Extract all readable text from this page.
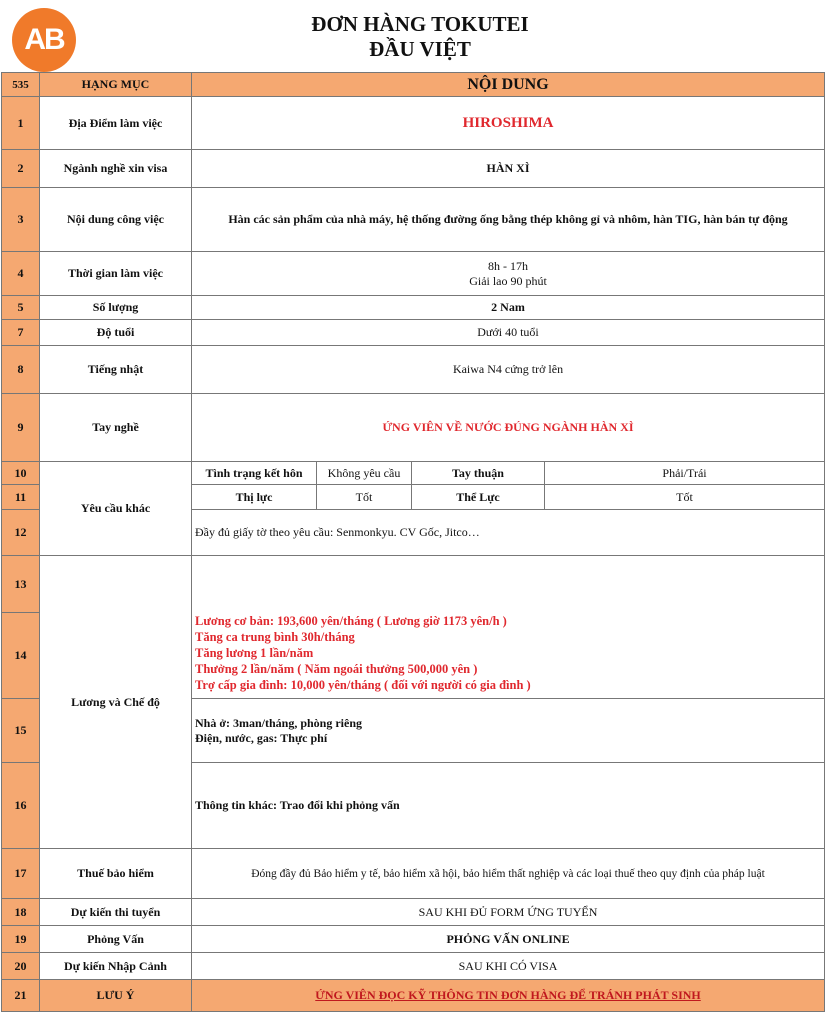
AB	ĐƠN HÀNG TOKUTEI
ĐẦU VIỆT
535	HẠNG MỤC	NỘI DUNG			
1	Địa Điểm làm việc	HIROSHIMA			
2	Ngành nghề xin visa	HÀN XÌ			
3	Nội dung công việc	Hàn các sản phẩm của nhà máy, hệ thống đường ống bằng thép không gỉ và nhôm, hàn TIG, hàn bán tự động			
4	Thời gian làm việc	8h - 17h
Giải lao 90 phút			

5	Số lượng	2 Nam			
7	Độ tuổi	Dưới 40 tuổi			
8	Tiếng nhật	Kaiwa N4 cứng trở lên			
9	Tay nghề	ỨNG VIÊN VỀ NƯỚC ĐÚNG NGÀNH HÀN XÌ			
10	Yêu cầu khác	Tình trạng kết hôn	Không yêu cầu	Tay thuận	Phải/Trái
11		Thị lực	Tốt	Thể Lực	Tốt
12		Đầy đủ giấy tờ theo yêu cầu: Senmonkyu. CV Gốc, Jitco…			
13	Lương và Chế độ				
14		Lương cơ bản: 193,600 yên/tháng ( Lương giờ 1173 yên/h )
Tăng ca trung bình 30h/tháng
Tăng lương 1 lần/năm
Thưởng 2 lần/năm ( Năm ngoái thưởng 500,000 yên )
Trợ cấp gia đình: 10,000 yên/tháng ( đối với người có gia đình )			

15		Nhà ở: 3man/tháng, phòng riêng
Điện, nước, gas: Thực phí			

16		Thông tin khác: Trao đổi khi phỏng vấn			
17	Thuế bảo hiểm	Đóng đầy đủ Bảo hiểm y tế, bảo hiểm xã hội, bảo hiểm thất nghiệp và các loại thuế theo quy định của pháp luật			
18	Dự kiến thi tuyển	SAU KHI ĐỦ FORM ỨNG TUYỂN			
19	Phỏng Vấn	PHỎNG VẤN ONLINE			
20	Dự kiến Nhập Cảnh	SAU KHI CÓ VISA			
21	LƯU Ý	ỨNG VIÊN ĐỌC KỸ THÔNG TIN ĐƠN HÀNG ĐỂ TRÁNH PHÁT SINH			
